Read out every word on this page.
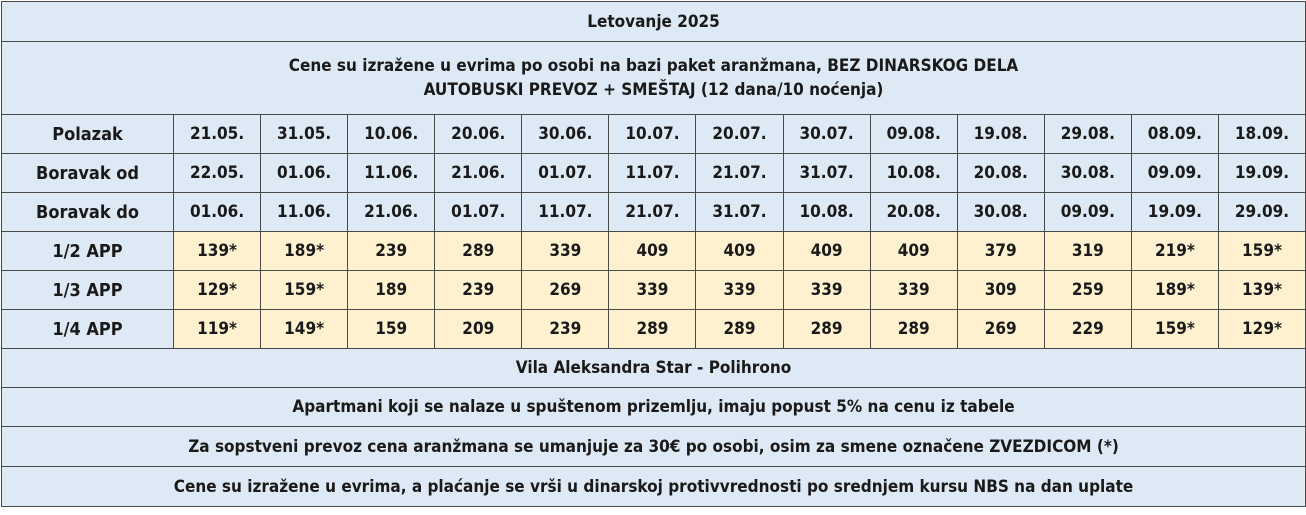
Letovanje 2025													

Cene su izražene u evrima po osobi na bazi paket aranžmana, BEZ DINARSKOG DELA
AUTOBUSKI PREVOZ + SMEŠTAJ (12 dana/10 noćenja)													

Polazak	21.05.	31.05.	10.06.	20.06.	30.06.	10.07.	20.07.	30.07.	09.08.	19.08.	29.08.	08.09.	18.09.
Boravak od	22.05.	01.06.	11.06.	21.06.	01.07.	11.07.	21.07.	31.07.	10.08.	20.08.	30.08.	09.09.	19.09.
Boravak do	01.06.	11.06.	21.06.	01.07.	11.07.	21.07.	31.07.	10.08.	20.08.	30.08.	09.09.	19.09.	29.09.
1/2 APP	139*	189*	239	289	339	409	409	409	409	379	319	219*	159*
1/3 APP	129*	159*	189	239	269	339	339	339	339	309	259	189*	139*
1/4 APP	119*	149*	159	209	239	289	289	289	289	269	229	159*	129*
Vila Aleksandra Star - Polihrono													
Apartmani koji se nalaze u spuštenom prizemlju, imaju popust 5% na cenu iz tabele													
Za sopstveni prevoz cena aranžmana se umanjuje za 30€ po osobi, osim za smene označene ZVEZDICOM (*)													
Cene su izražene u evrima, a plaćanje se vrši u dinarskoj protivvrednosti po srednjem kursu NBS na dan uplate													
